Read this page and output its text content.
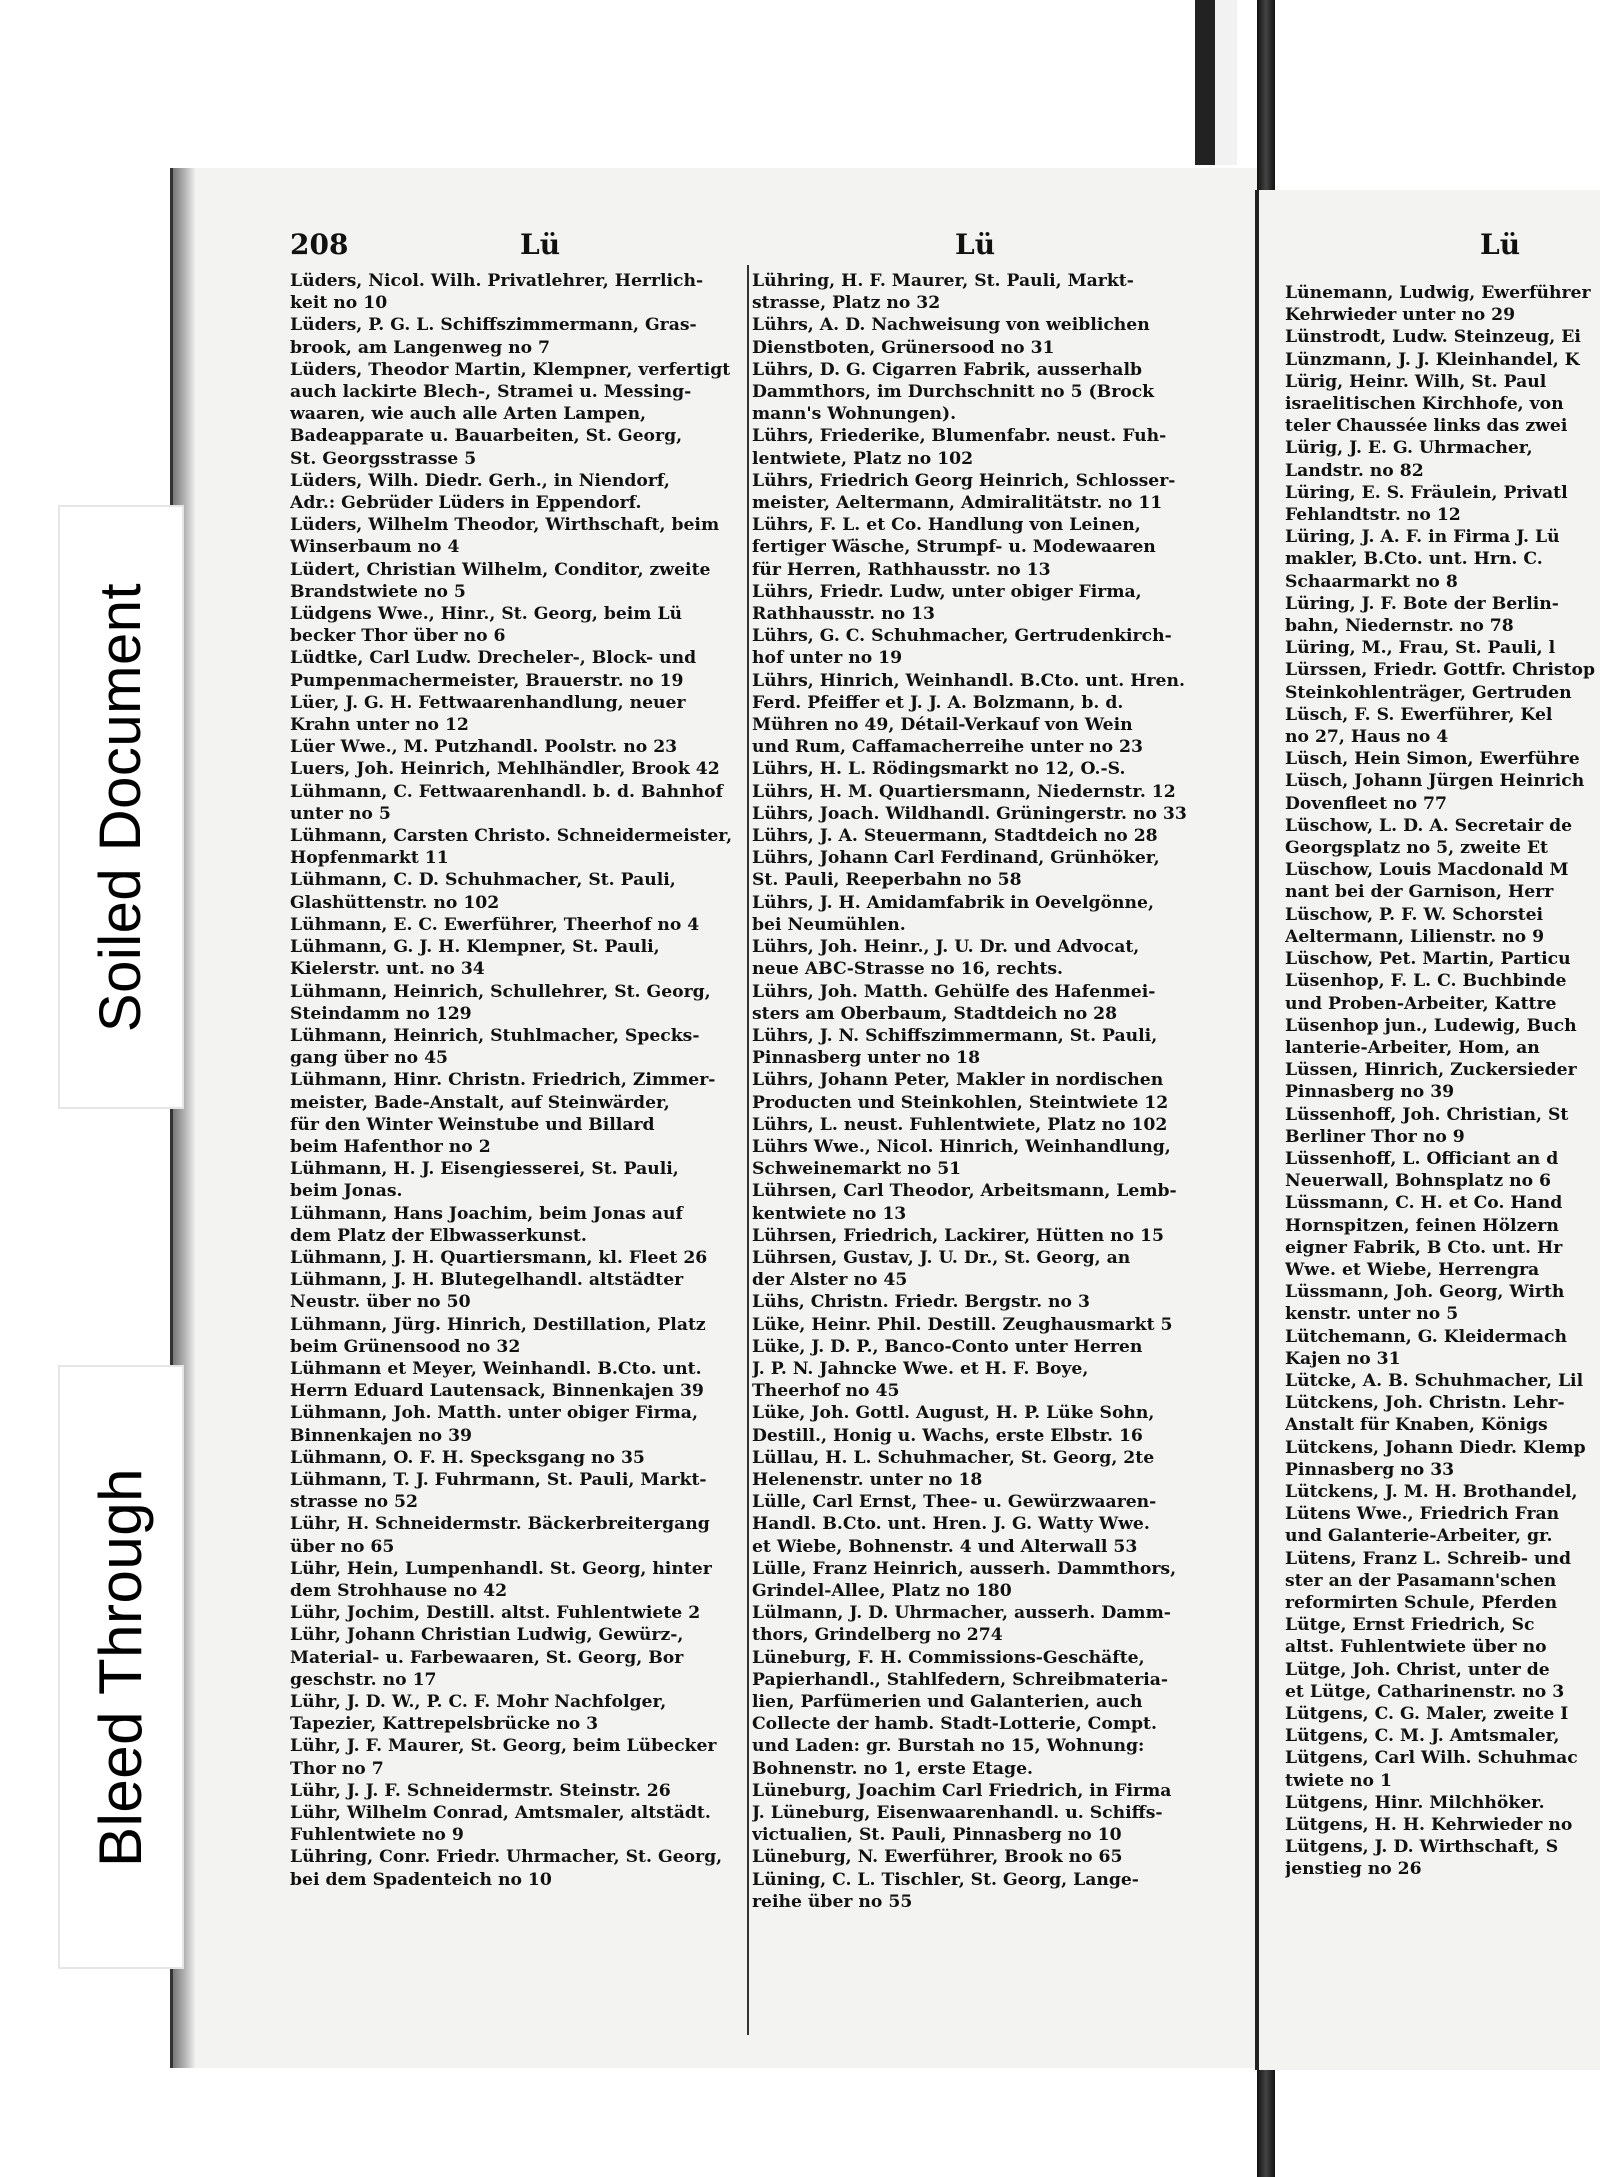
Soiled Document
Bleed Through
208	Lü	Lü	Lü
Lüders, Nicol. Wilh. Privatlehrer, Herrlich-
keit no 10
Lüders, P. G. L. Schiffszimmermann, Gras-
brook, am Langenweg no 7
Lüders, Theodor Martin, Klempner, verfertigt
auch lackirte Blech-, Stramei u. Messing-
waaren, wie auch alle Arten Lampen,
Badeapparate u. Bauarbeiten, St. Georg,
St. Georgsstrasse 5
Lüders, Wilh. Diedr. Gerh., in Niendorf,
Adr.: Gebrüder Lüders in Eppendorf.
Lüders, Wilhelm Theodor, Wirthschaft, beim
Winserbaum no 4
Lüdert, Christian Wilhelm, Conditor, zweite
Brandstwiete no 5
Lüdgens Wwe., Hinr., St. Georg, beim Lü
becker Thor über no 6
Lüdtke, Carl Ludw. Drecheler-, Block- und
Pumpenmachermeister, Brauerstr. no 19
Lüer, J. G. H. Fettwaarenhandlung, neuer
Krahn unter no 12
Lüer Wwe., M. Putzhandl. Poolstr. no 23
Luers, Joh. Heinrich, Mehlhändler, Brook 42
Lühmann, C. Fettwaarenhandl. b. d. Bahnhof
unter no 5
Lühmann, Carsten Christo. Schneidermeister,
Hopfenmarkt 11
Lühmann, C. D. Schuhmacher, St. Pauli,
Glashüttenstr. no 102
Lühmann, E. C. Ewerführer, Theerhof no 4
Lühmann, G. J. H. Klempner, St. Pauli,
Kielerstr. unt. no 34
Lühmann, Heinrich, Schullehrer, St. Georg,
Steindamm no 129
Lühmann, Heinrich, Stuhlmacher, Specks-
gang über no 45
Lühmann, Hinr. Christn. Friedrich, Zimmer-
meister, Bade-Anstalt, auf Steinwärder,
für den Winter Weinstube und Billard
beim Hafenthor no 2
Lühmann, H. J. Eisengiesserei, St. Pauli,
beim Jonas.
Lühmann, Hans Joachim, beim Jonas auf
dem Platz der Elbwasserkunst.
Lühmann, J. H. Quartiersmann, kl. Fleet 26
Lühmann, J. H. Blutegelhandl. altstädter
Neustr. über no 50
Lühmann, Jürg. Hinrich, Destillation, Platz
beim Grünensood no 32
Lühmann et Meyer, Weinhandl. B.Cto. unt.
Herrn Eduard Lautensack, Binnenkajen 39
Lühmann, Joh. Matth. unter obiger Firma,
Binnenkajen no 39
Lühmann, O. F. H. Specksgang no 35
Lühmann, T. J. Fuhrmann, St. Pauli, Markt-
strasse no 52
Lühr, H. Schneidermstr. Bäckerbreitergang
über no 65
Lühr, Hein, Lumpenhandl. St. Georg, hinter
dem Strohhause no 42
Lühr, Jochim, Destill. altst. Fuhlentwiete 2
Lühr, Johann Christian Ludwig, Gewürz-,
Material- u. Farbewaaren, St. Georg, Bor
geschstr. no 17
Lühr, J. D. W., P. C. F. Mohr Nachfolger,
Tapezier, Kattrepelsbrücke no 3
Lühr, J. F. Maurer, St. Georg, beim Lübecker
Thor no 7
Lühr, J. J. F. Schneidermstr. Steinstr. 26
Lühr, Wilhelm Conrad, Amtsmaler, altstädt.
Fuhlentwiete no 9
Lühring, Conr. Friedr. Uhrmacher, St. Georg,
bei dem Spadenteich no 10
Lühring, H. F. Maurer, St. Pauli, Markt-
strasse, Platz no 32
Lührs, A. D. Nachweisung von weiblichen
Dienstboten, Grünersood no 31
Lührs, D. G. Cigarren Fabrik, ausserhalb
Dammthors, im Durchschnitt no 5 (Brock
mann's Wohnungen).
Lührs, Friederike, Blumenfabr. neust. Fuh-
lentwiete, Platz no 102
Lührs, Friedrich Georg Heinrich, Schlosser-
meister, Aeltermann, Admiralitätstr. no 11
Lührs, F. L. et Co. Handlung von Leinen,
fertiger Wäsche, Strumpf- u. Modewaaren
für Herren, Rathhausstr. no 13
Lührs, Friedr. Ludw, unter obiger Firma,
Rathhausstr. no 13
Lührs, G. C. Schuhmacher, Gertrudenkirch-
hof unter no 19
Lührs, Hinrich, Weinhandl. B.Cto. unt. Hren.
Ferd. Pfeiffer et J. J. A. Bolzmann, b. d.
Mühren no 49, Détail-Verkauf von Wein
und Rum, Caffamacherreihe unter no 23
Lührs, H. L. Rödingsmarkt no 12, O.-S.
Lührs, H. M. Quartiersmann, Niedernstr. 12
Lührs, Joach. Wildhandl. Grüningerstr. no 33
Lührs, J. A. Steuermann, Stadtdeich no 28
Lührs, Johann Carl Ferdinand, Grünhöker,
St. Pauli, Reeperbahn no 58
Lührs, J. H. Amidamfabrik in Oevelgönne,
bei Neumühlen.
Lührs, Joh. Heinr., J. U. Dr. und Advocat,
neue ABC-Strasse no 16, rechts.
Lührs, Joh. Matth. Gehülfe des Hafenmei-
sters am Oberbaum, Stadtdeich no 28
Lührs, J. N. Schiffszimmermann, St. Pauli,
Pinnasberg unter no 18
Lührs, Johann Peter, Makler in nordischen
Producten und Steinkohlen, Steintwiete 12
Lührs, L. neust. Fuhlentwiete, Platz no 102
Lührs Wwe., Nicol. Hinrich, Weinhandlung,
Schweinemarkt no 51
Lührsen, Carl Theodor, Arbeitsmann, Lemb-
kentwiete no 13
Lührsen, Friedrich, Lackirer, Hütten no 15
Lührsen, Gustav, J. U. Dr., St. Georg, an
der Alster no 45
Lühs, Christn. Friedr. Bergstr. no 3
Lüke, Heinr. Phil. Destill. Zeughausmarkt 5
Lüke, J. D. P., Banco-Conto unter Herren
J. P. N. Jahncke Wwe. et H. F. Boye,
Theerhof no 45
Lüke, Joh. Gottl. August, H. P. Lüke Sohn,
Destill., Honig u. Wachs, erste Elbstr. 16
Lüllau, H. L. Schuhmacher, St. Georg, 2te
Helenenstr. unter no 18
Lülle, Carl Ernst, Thee- u. Gewürzwaaren-
Handl. B.Cto. unt. Hren. J. G. Watty Wwe.
et Wiebe, Bohnenstr. 4 und Alterwall 53
Lülle, Franz Heinrich, ausserh. Dammthors,
Grindel-Allee, Platz no 180
Lülmann, J. D. Uhrmacher, ausserh. Damm-
thors, Grindelberg no 274
Lüneburg, F. H. Commissions-Geschäfte,
Papierhandl., Stahlfedern, Schreibmateria-
lien, Parfümerien und Galanterien, auch
Collecte der hamb. Stadt-Lotterie, Compt.
und Laden: gr. Burstah no 15, Wohnung:
Bohnenstr. no 1, erste Etage.
Lüneburg, Joachim Carl Friedrich, in Firma
J. Lüneburg, Eisenwaarenhandl. u. Schiffs-
victualien, St. Pauli, Pinnasberg no 10
Lüneburg, N. Ewerführer, Brook no 65
Lüning, C. L. Tischler, St. Georg, Lange-
reihe über no 55
Lünemann, Ludwig, Ewerführer
Kehrwieder unter no 29
Lünstrodt, Ludw. Steinzeug, Ei
Lünzmann, J. J. Kleinhandel, K
Lürig, Heinr. Wilh, St. Paul
israelitischen Kirchhofe, von
teler Chaussée links das zwei
Lürig, J. E. G. Uhrmacher,
Landstr. no 82
Lüring, E. S. Fräulein, Privatl
Fehlandtstr. no 12
Lüring, J. A. F. in Firma J. Lü
makler, B.Cto. unt. Hrn. C.
Schaarmarkt no 8
Lüring, J. F. Bote der Berlin-
bahn, Niedernstr. no 78
Lüring, M., Frau, St. Pauli, l
Lürssen, Friedr. Gottfr. Christop
Steinkohlenträger, Gertruden
Lüsch, F. S. Ewerführer, Kel
no 27, Haus no 4
Lüsch, Hein Simon, Ewerführe
Lüsch, Johann Jürgen Heinrich
Dovenfleet no 77
Lüschow, L. D. A. Secretair de
Georgsplatz no 5, zweite Et
Lüschow, Louis Macdonald M
nant bei der Garnison, Herr
Lüschow, P. F. W. Schorstei
Aeltermann, Lilienstr. no 9
Lüschow, Pet. Martin, Particu
Lüsenhop, F. L. C. Buchbinde
und Proben-Arbeiter, Kattre
Lüsenhop jun., Ludewig, Buch
lanterie-Arbeiter, Hom, an
Lüssen, Hinrich, Zuckersieder
Pinnasberg no 39
Lüssenhoff, Joh. Christian, St
Berliner Thor no 9
Lüssenhoff, L. Officiant an d
Neuerwall, Bohnsplatz no 6
Lüssmann, C. H. et Co. Hand
Hornspitzen, feinen Hölzern
eigner Fabrik, B Cto. unt. Hr
Wwe. et Wiebe, Herrengra
Lüssmann, Joh. Georg, Wirth
kenstr. unter no 5
Lütchemann, G. Kleidermach
Kajen no 31
Lütcke, A. B. Schuhmacher, Lil
Lütckens, Joh. Christn. Lehr-
Anstalt für Knaben, Königs
Lütckens, Johann Diedr. Klemp
Pinnasberg no 33
Lütckens, J. M. H. Brothandel,
Lütens Wwe., Friedrich Fran
und Galanterie-Arbeiter, gr.
Lütens, Franz L. Schreib- und
ster an der Pasamann'schen
reformirten Schule, Pferden
Lütge, Ernst Friedrich, Sc
altst. Fuhlentwiete über no
Lütge, Joh. Christ, unter de
et Lütge, Catharinenstr. no 3
Lütgens, C. G. Maler, zweite I
Lütgens, C. M. J. Amtsmaler,
Lütgens, Carl Wilh. Schuhmac
twiete no 1
Lütgens, Hinr. Milchhöker.
Lütgens, H. H. Kehrwieder no
Lütgens, J. D. Wirthschaft, S
jenstieg no 26
